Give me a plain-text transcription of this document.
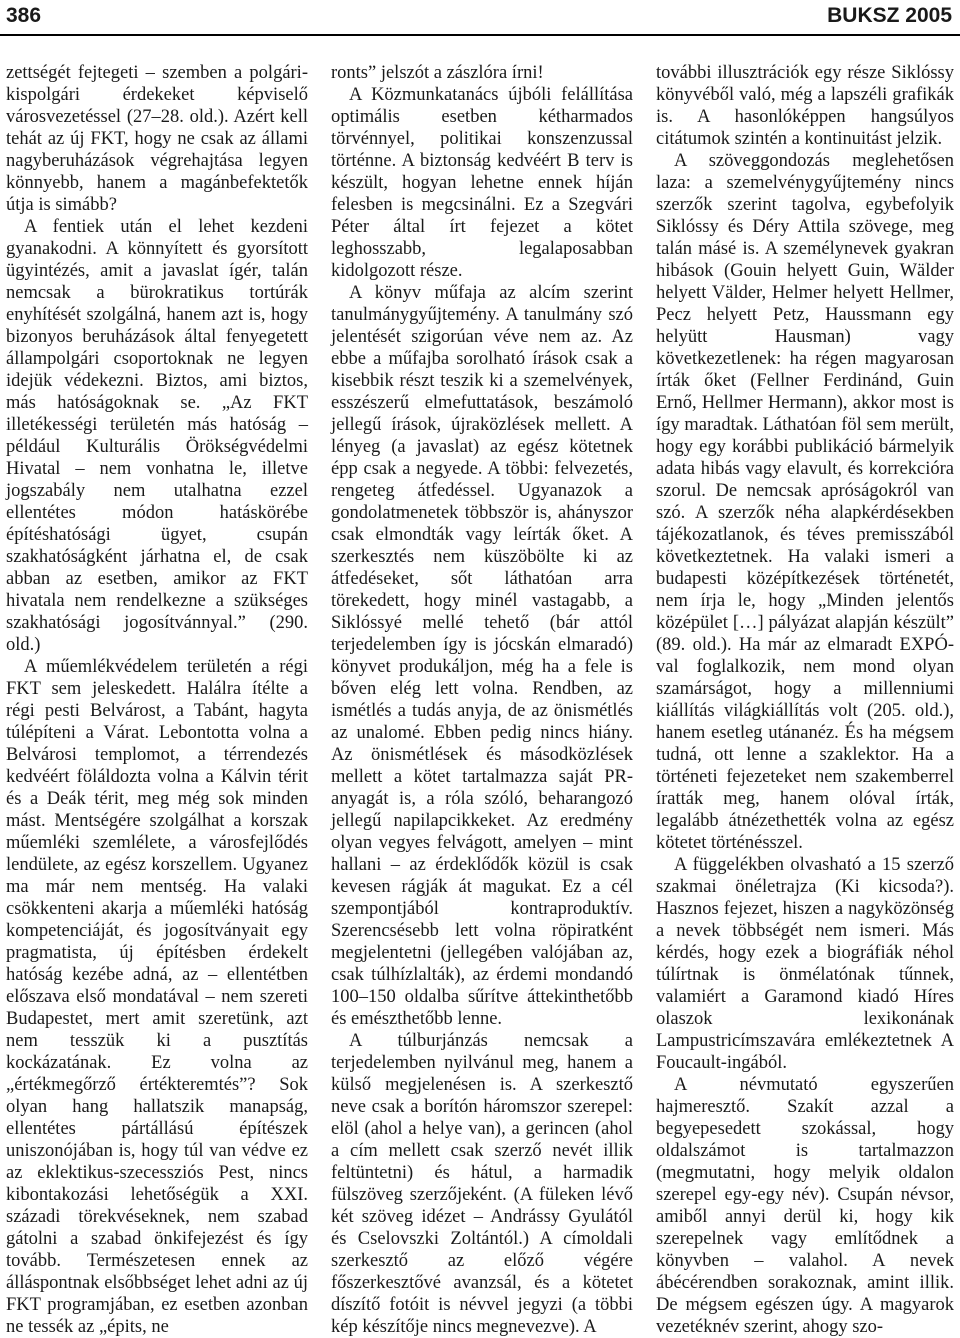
386	BUKSZ 2005

zettségét fejtegeti – szemben a polgári-kispolgári érdekeket képviselő városvezetéssel (27–28. old.). Azért kell tehát az új FKT, hogy ne csak az állami nagyberuházások végrehajtása legyen könnyebb, hanem a magánbefektetők útja is simább?

A fentiek után el lehet kezdeni gyanakodni. A könnyített és gyorsított ügyintézés, amit a javaslat ígér, talán nemcsak a bürokratikus tortúrák enyhítését szolgálná, hanem azt is, hogy bizonyos beruházások által fenyegetett állampolgári csoportoknak ne legyen idejük védekezni. Biztos, ami biztos, más hatóságoknak se. „Az FKT illetékességi területén más hatóság – például Kulturális Örökségvédelmi Hivatal – nem vonhatna le, illetve jogszabály nem utalhatna ezzel ellentétes módon hatáskörébe építéshatósági ügyet, csupán szakhatóságként járhatna el, de csak abban az esetben, amikor az FKT hivatala nem rendelkezne a szükséges szakhatósági jogosítvánnyal.” (290. old.)

A műemlékvédelem területén a régi FKT sem jeleskedett. Halálra ítélte a régi pesti Belvárost, a Tabánt, hagyta túlépíteni a Várat. Lebontotta volna a Belvárosi templomot, a térrendezés kedvéért föláldozta volna a Kálvin térit és a Deák térit, meg még sok minden mást. Mentségére szolgálhat a korszak műemléki szemlélete, a városfejlődés lendülete, az egész korszellem. Ugyanez ma már nem mentség. Ha valaki csökkenteni akarja a műemléki hatóság kompetenciáját, és jogosítványait egy pragmatista, új építésben érdekelt hatóság kezébe adná, az – ellentétben előszava első mondatával – nem szereti Budapestet, mert amit szeretünk, azt nem tesszük ki a pusztítás kockázatának. Ez volna az „értékmegőrző értékteremtés”? Sok olyan hang hallatszik manapság, ellentétes pártállású építészek uniszonójában is, hogy túl van védve ez az eklektikus-szecessziós Pest, nincs kibontakozási lehetőségük a XXI. századi törekvéseknek, nem szabad gátolni a szabad önkifejezést és így tovább. Természetesen ennek az álláspontnak elsőbbséget lehet adni az új FKT programjában, ez esetben azonban ne tessék az „épits, ne

ronts” jelszót a zászlóra írni!

A Közmunkatanács újbóli felállítása optimális esetben kétharmados törvénnyel, politikai konszenzussal történne. A biztonság kedvéért B terv is készült, hogyan lehetne ennek híján felesben is megcsinálni. Ez a Szegvári Péter által írt fejezet a kötet leghosszabb, legalaposabban kidolgozott része.

A könyv műfaja az alcím szerint tanulmánygyűjtemény. A tanulmány szó jelentését szigorúan véve nem az. Az ebbe a műfajba sorolható írások csak a kisebbik részt teszik ki a szemelvények, esszészerű elmefuttatások, beszámoló jellegű írások, újraközlések mellett. A lényeg (a javaslat) az egész kötetnek épp csak a negyede. A többi: felvezetés, rengeteg átfedéssel. Ugyanazok a gondolatmenetek többször is, ahányszor csak elmondták vagy leírták őket. A szerkesztés nem küszöbölte ki az átfedéseket, sőt láthatóan arra törekedett, hogy minél vastagabb, a Siklóssyé mellé tehető (bár attól terjedelemben így is jócskán elmaradó) könyvet produkáljon, még ha a fele is bőven elég lett volna. Rendben, az ismétlés a tudás anyja, de az önismétlés az unalomé. Ebben pedig nincs hiány. Az önismétlések és másodközlések mellett a kötet tartalmazza saját PR-anyagát is, a róla szóló, beharangozó jellegű napilapcikkeket. Az eredmény olyan vegyes felvágott, amelyen – mint hallani – az érdeklődők közül is csak kevesen rágják át magukat. Ez a cél szempontjából kontraproduktív. Szerencsésebb lett volna röpiratként megjelentetni (jellegében valójában az, csak túlhízlalták), az érdemi mondandó 100–150 oldalba sűrítve áttekinthetőbb és emészthetőbb lenne.

A túlburjánzás nemcsak a terjedelemben nyilvánul meg, hanem a külső megjelenésen is. A szerkesztő neve csak a borítón háromszor szerepel: elöl (ahol a helye van), a gerincen (ahol a cím mellett csak szerző nevét illik feltüntetni) és hátul, a harmadik fülszöveg szerzőjeként. (A füleken lévő két szöveg idézet – Andrássy Gyulától és Cselovszki Zoltántól.) A címoldali szerkesztő az előző végére főszerkesztővé avanzsál, és a kötetet díszítő fotóit is névvel jegyzi (a többi kép készítője nincs megnevezve). A

további illusztrációk egy része Siklóssy könyvéből való, még a lapszéli grafikák is. A hasonlóképpen hangsúlyos citátumok szintén a kontinuitást jelzik.

A szöveggondozás meglehetősen laza: a szemelvénygyűjtemény nincs szerzők szerint tagolva, egybefolyik Siklóssy és Déry Attila szövege, meg talán másé is. A személynevek gyakran hibások (Gouin helyett Guin, Wälder helyett Välder, Helmer helyett Hellmer, Pecz helyett Petz, Haussmann egy helyütt Hausman) vagy következetlenek: ha régen magyarosan írták őket (Fellner Ferdinánd, Guin Ernő, Hellmer Hermann), akkor most is így maradtak. Láthatóan föl sem merült, hogy egy korábbi publikáció bármelyik adata hibás vagy elavult, és korrekcióra szorul. De nemcsak apróságokról van szó. A szerzők néha alapkérdésekben tájékozatlanok, és téves premisszából következtetnek. Ha valaki ismeri a budapesti középítkezések történetét, nem írja le, hogy „Minden jelentős középület […] pályázat alapján készült” (89. old.). Ha már az elmaradt EXPÓ-val foglalkozik, nem mond olyan szamárságot, hogy a millenniumi kiállítás világkiállítás volt (205. old.), hanem esetleg utánanéz. És ha mégsem tudná, ott lenne a szaklektor. Ha a történeti fejezeteket nem szakemberrel íratták meg, hanem olóval írták, legalább átnézethették volna az egész kötetet történésszel.

A függelékben olvasható a 15 szerző szakmai önéletrajza (Ki kicsoda?). Hasznos fejezet, hiszen a nagyközönség a nevek többségét nem ismeri. Más kérdés, hogy ezek a biográfiák néhol túlírtnak is önmélatónak tűnnek, valamiért a Garamond kiadó Híres olaszok lexikonának Lampustricímszavára emlékeztetnek A Foucault-ingából.

A névmutató egyszerűen hajmeresztő. Szakít azzal a begyepesedett szokással, hogy oldalszámot is tartalmazzon (megmutatni, hogy melyik oldalon szerepel egy-egy név). Csupán névsor, amiből annyi derül ki, hogy kik szerepelnek vagy említődnek a könyvben – valahol. A nevek ábécérendben sorakoznak, amint illik. De mégsem egészen úgy. A magyarok vezetéknév szerint, ahogy szo-
